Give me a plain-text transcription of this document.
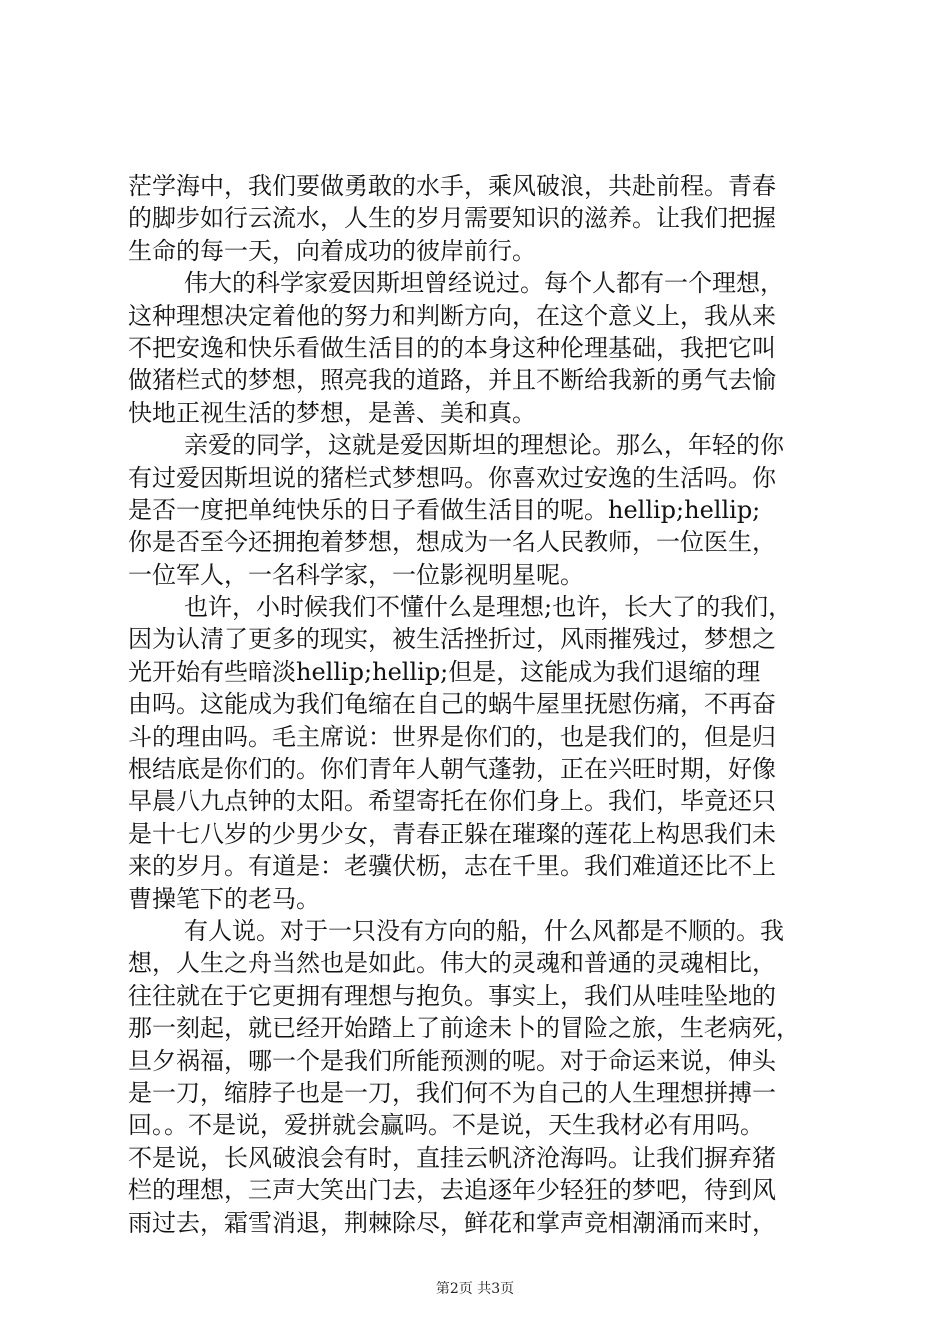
茫学海中，我们要做勇敢的水手，乘风破浪，共赴前程。青春
的脚步如行云流水，人生的岁月需要知识的滋养。让我们把握
生命的每一天，向着成功的彼岸前行。
伟大的科学家爱因斯坦曾经说过。每个人都有一个理想，
这种理想决定着他的努力和判断方向，在这个意义上，我从来
不把安逸和快乐看做生活目的的本身这种伦理基础，我把它叫
做猪栏式的梦想，照亮我的道路，并且不断给我新的勇气去愉
快地正视生活的梦想，是善、美和真。
亲爱的同学，这就是爱因斯坦的理想论。那么，年轻的你
有过爱因斯坦说的猪栏式梦想吗。你喜欢过安逸的生活吗。你
是否一度把单纯快乐的日子看做生活目的呢。hellip;hellip;
你是否至今还拥抱着梦想，想成为一名人民教师，一位医生，
一位军人，一名科学家，一位影视明星呢。
也许，小时候我们不懂什么是理想;也许，长大了的我们，
因为认清了更多的现实，被生活挫折过，风雨摧残过，梦想之
光开始有些暗淡hellip;hellip;但是，这能成为我们退缩的理
由吗。这能成为我们龟缩在自己的蜗牛屋里抚慰伤痛，不再奋
斗的理由吗。毛主席说：世界是你们的，也是我们的，但是归
根结底是你们的。你们青年人朝气蓬勃，正在兴旺时期，好像
早晨八九点钟的太阳。希望寄托在你们身上。我们，毕竟还只
是十七八岁的少男少女，青春正躲在璀璨的莲花上构思我们未
来的岁月。有道是：老骥伏枥，志在千里。我们难道还比不上
曹操笔下的老马。
有人说。对于一只没有方向的船，什么风都是不顺的。我
想，人生之舟当然也是如此。伟大的灵魂和普通的灵魂相比，
往往就在于它更拥有理想与抱负。事实上，我们从哇哇坠地的
那一刻起，就已经开始踏上了前途未卜的冒险之旅，生老病死，
旦夕祸福，哪一个是我们所能预测的呢。对于命运来说，伸头
是一刀，缩脖子也是一刀，我们何不为自己的人生理想拼搏一
回。。不是说，爱拼就会赢吗。不是说，天生我材必有用吗。
不是说，长风破浪会有时，直挂云帆济沧海吗。让我们摒弃猪
栏的理想，三声大笑出门去，去追逐年少轻狂的梦吧，待到风
雨过去，霜雪消退，荆棘除尽，鲜花和掌声竞相潮涌而来时，
第2页 共3页
